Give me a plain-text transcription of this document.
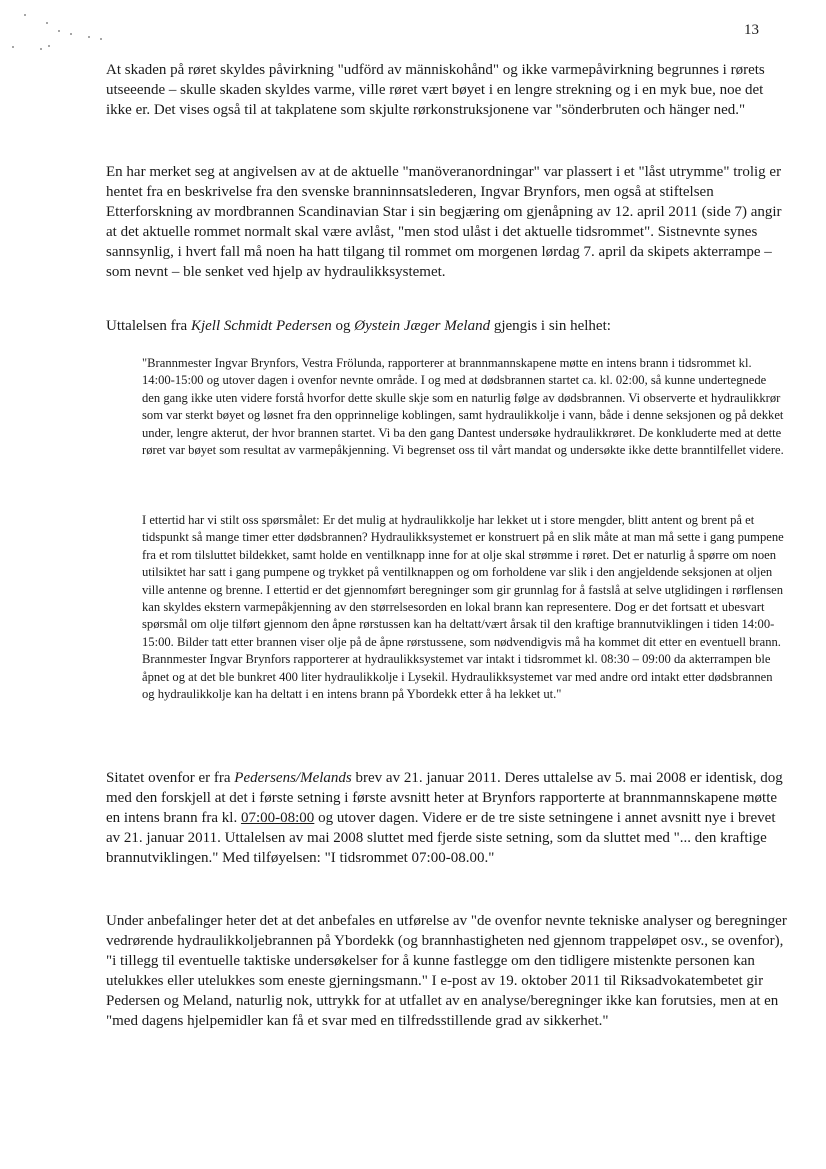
13

At skaden på røret skyldes påvirkning "udförd av människohånd" og ikke varmepåvirkning begrunnes i rørets utseeende – skulle skaden skyldes varme, ville røret vært bøyet i en lengre strekning og i en myk bue, noe det ikke er. Det vises også til at takplatene som skjulte rørkonstruksjonene var "sönderbruten och hänger ned."

En har merket seg at angivelsen av at de aktuelle "manöveranordningar" var plassert i et "låst utrymme" trolig er hentet fra en beskrivelse fra den svenske branninnsatslederen, Ingvar Brynfors, men også at stiftelsen Etterforskning av mordbrannen Scandinavian Star i sin begjæring om gjenåpning av 12. april 2011 (side 7) angir at det aktuelle rommet normalt skal være avlåst, "men stod ulåst i det aktuelle tidsrommet". Sistnevnte synes sannsynlig, i hvert fall må noen ha hatt tilgang til rommet om morgenen lørdag 7. april da skipets akterrampe – som nevnt – ble senket ved hjelp av hydraulikksystemet.

Uttalelsen fra Kjell Schmidt Pedersen og Øystein Jæger Meland gjengis i sin helhet:

"Brannmester Ingvar Brynfors, Vestra Frölunda, rapporterer at brannmannskapene møtte en intens brann i tidsrommet kl. 14:00-15:00 og utover dagen i ovenfor nevnte område. I og med at dødsbrannen startet ca. kl. 02:00, så kunne undertegnede den gang ikke uten videre forstå hvorfor dette skulle skje som en naturlig følge av dødsbrannen. Vi observerte et hydraulikkrør som var sterkt bøyet og løsnet fra den opprinnelige koblingen, samt hydraulikkolje i vann, både i denne seksjonen og på dekket under, lengre akterut, der hvor brannen startet. Vi ba den gang Dantest undersøke hydraulikkrøret. De konkluderte med at dette røret var bøyet som resultat av varmepåkjenning. Vi begrenset oss til vårt mandat og undersøkte ikke dette branntilfellet videre.

I ettertid har vi stilt oss spørsmålet: Er det mulig at hydraulikkolje har lekket ut i store mengder, blitt antent og brent på et tidspunkt så mange timer etter dødsbrannen? Hydraulikksystemet er konstruert på en slik måte at man må sette i gang pumpene fra et rom tilsluttet bildekket, samt holde en ventilknapp inne for at olje skal strømme i røret. Det er naturlig å spørre om noen utilsiktet har satt i gang pumpene og trykket på ventilknappen og om forholdene var slik i den angjeldende seksjonen at oljen ville antenne og brenne. I ettertid er det gjennomført beregninger som gir grunnlag for å fastslå at selve utglidingen i rørflensen kan skyldes ekstern varmepåkjenning av den størrelsesorden en lokal brann kan representere. Dog er det fortsatt et ubesvart spørsmål om olje tilført gjennom den åpne rørstussen kan ha deltatt/vært årsak til den kraftige brannutviklingen i tiden 14:00-15:00. Bilder tatt etter brannen viser olje på de åpne rørstussene, som nødvendigvis må ha kommet dit etter en eventuell brann. Brannmester Ingvar Brynfors rapporterer at hydraulikksystemet var intakt i tidsrommet kl. 08:30 – 09:00 da akterrampen ble åpnet og at det ble bunkret 400 liter hydraulikkolje i Lysekil. Hydraulikksystemet var med andre ord intakt etter dødsbrannen og hydraulikkolje kan ha deltatt i en intens brann på Ybordekk etter å ha lekket ut."

Sitatet ovenfor er fra Pedersens/Melands brev av 21. januar 2011. Deres uttalelse av 5. mai 2008 er identisk, dog med den forskjell at det i første setning i første avsnitt heter at Brynfors rapporterte at brannmannskapene møtte en intens brann fra kl. 07:00-08:00 og utover dagen. Videre er de tre siste setningene i annet avsnitt nye i brevet av 21. januar 2011. Uttalelsen av mai 2008 sluttet med fjerde siste setning, som da sluttet med "... den kraftige brannutviklingen." Med tilføyelsen: "I tidsrommet 07:00-08.00."

Under anbefalinger heter det at det anbefales en utførelse av "de ovenfor nevnte tekniske analyser og beregninger vedrørende hydraulikkoljebrannen på Ybordekk (og brannhastigheten ned gjennom trappeløpet osv., se ovenfor), "i tillegg til eventuelle taktiske undersøkelser for å kunne fastlegge om den tidligere mistenkte personen kan utelukkes eller utelukkes som eneste gjerningsmann." I e-post av 19. oktober 2011 til Riksadvokatembetet gir Pedersen og Meland, naturlig nok, uttrykk for at utfallet av en analyse/beregninger ikke kan forutsies, men at en "med dagens hjelpemidler kan få et svar med en tilfredsstillende grad av sikkerhet."
